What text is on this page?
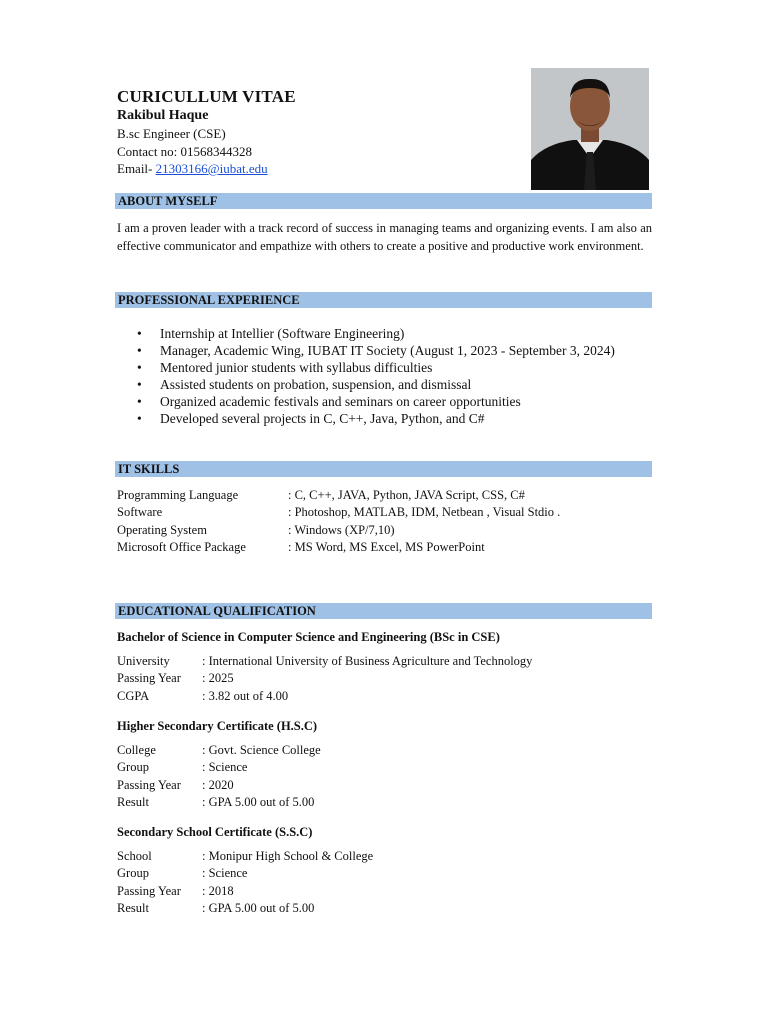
CURICULLUM VITAE
Rakibul Haque
B.sc Engineer (CSE)
Contact no: 01568344328
Email- 21303166@iubat.edu
ABOUT MYSELF
I am a proven leader with a track record of success in managing teams and organizing events. I am also an effective communicator and empathize with others to create a positive and productive work environment.
PROFESSIONAL EXPERIENCE
• Internship at Intellier (Software Engineering)
• Manager, Academic Wing, IUBAT IT Society (August 1, 2023 - September 3, 2024)
• Mentored junior students with syllabus difficulties
• Assisted students on probation, suspension, and dismissal
• Organized academic festivals and seminars on career opportunities
• Developed several projects in C, C++, Java, Python, and C#
IT SKILLS
Programming Language	: C, C++, JAVA, Python, JAVA Script, CSS, C#
Software	: Photoshop, MATLAB, IDM, Netbean , Visual Stdio .
Operating System	: Windows (XP/7,10)
Microsoft Office Package	: MS Word, MS Excel, MS PowerPoint
EDUCATIONAL QUALIFICATION
Bachelor of Science in Computer Science and Engineering (BSc in CSE)
University	: International University of Business Agriculture and Technology
Passing Year : 2025
CGPA	: 3.82 out of 4.00
Higher Secondary Certificate (H.S.C)
College	: Govt. Science College
Group	: Science
Passing Year : 2020
Result	: GPA 5.00 out of 5.00
Secondary School Certificate (S.S.C)
School	: Monipur High School & College
Group	: Science
Passing Year : 2018
Result	: GPA 5.00 out of 5.00
